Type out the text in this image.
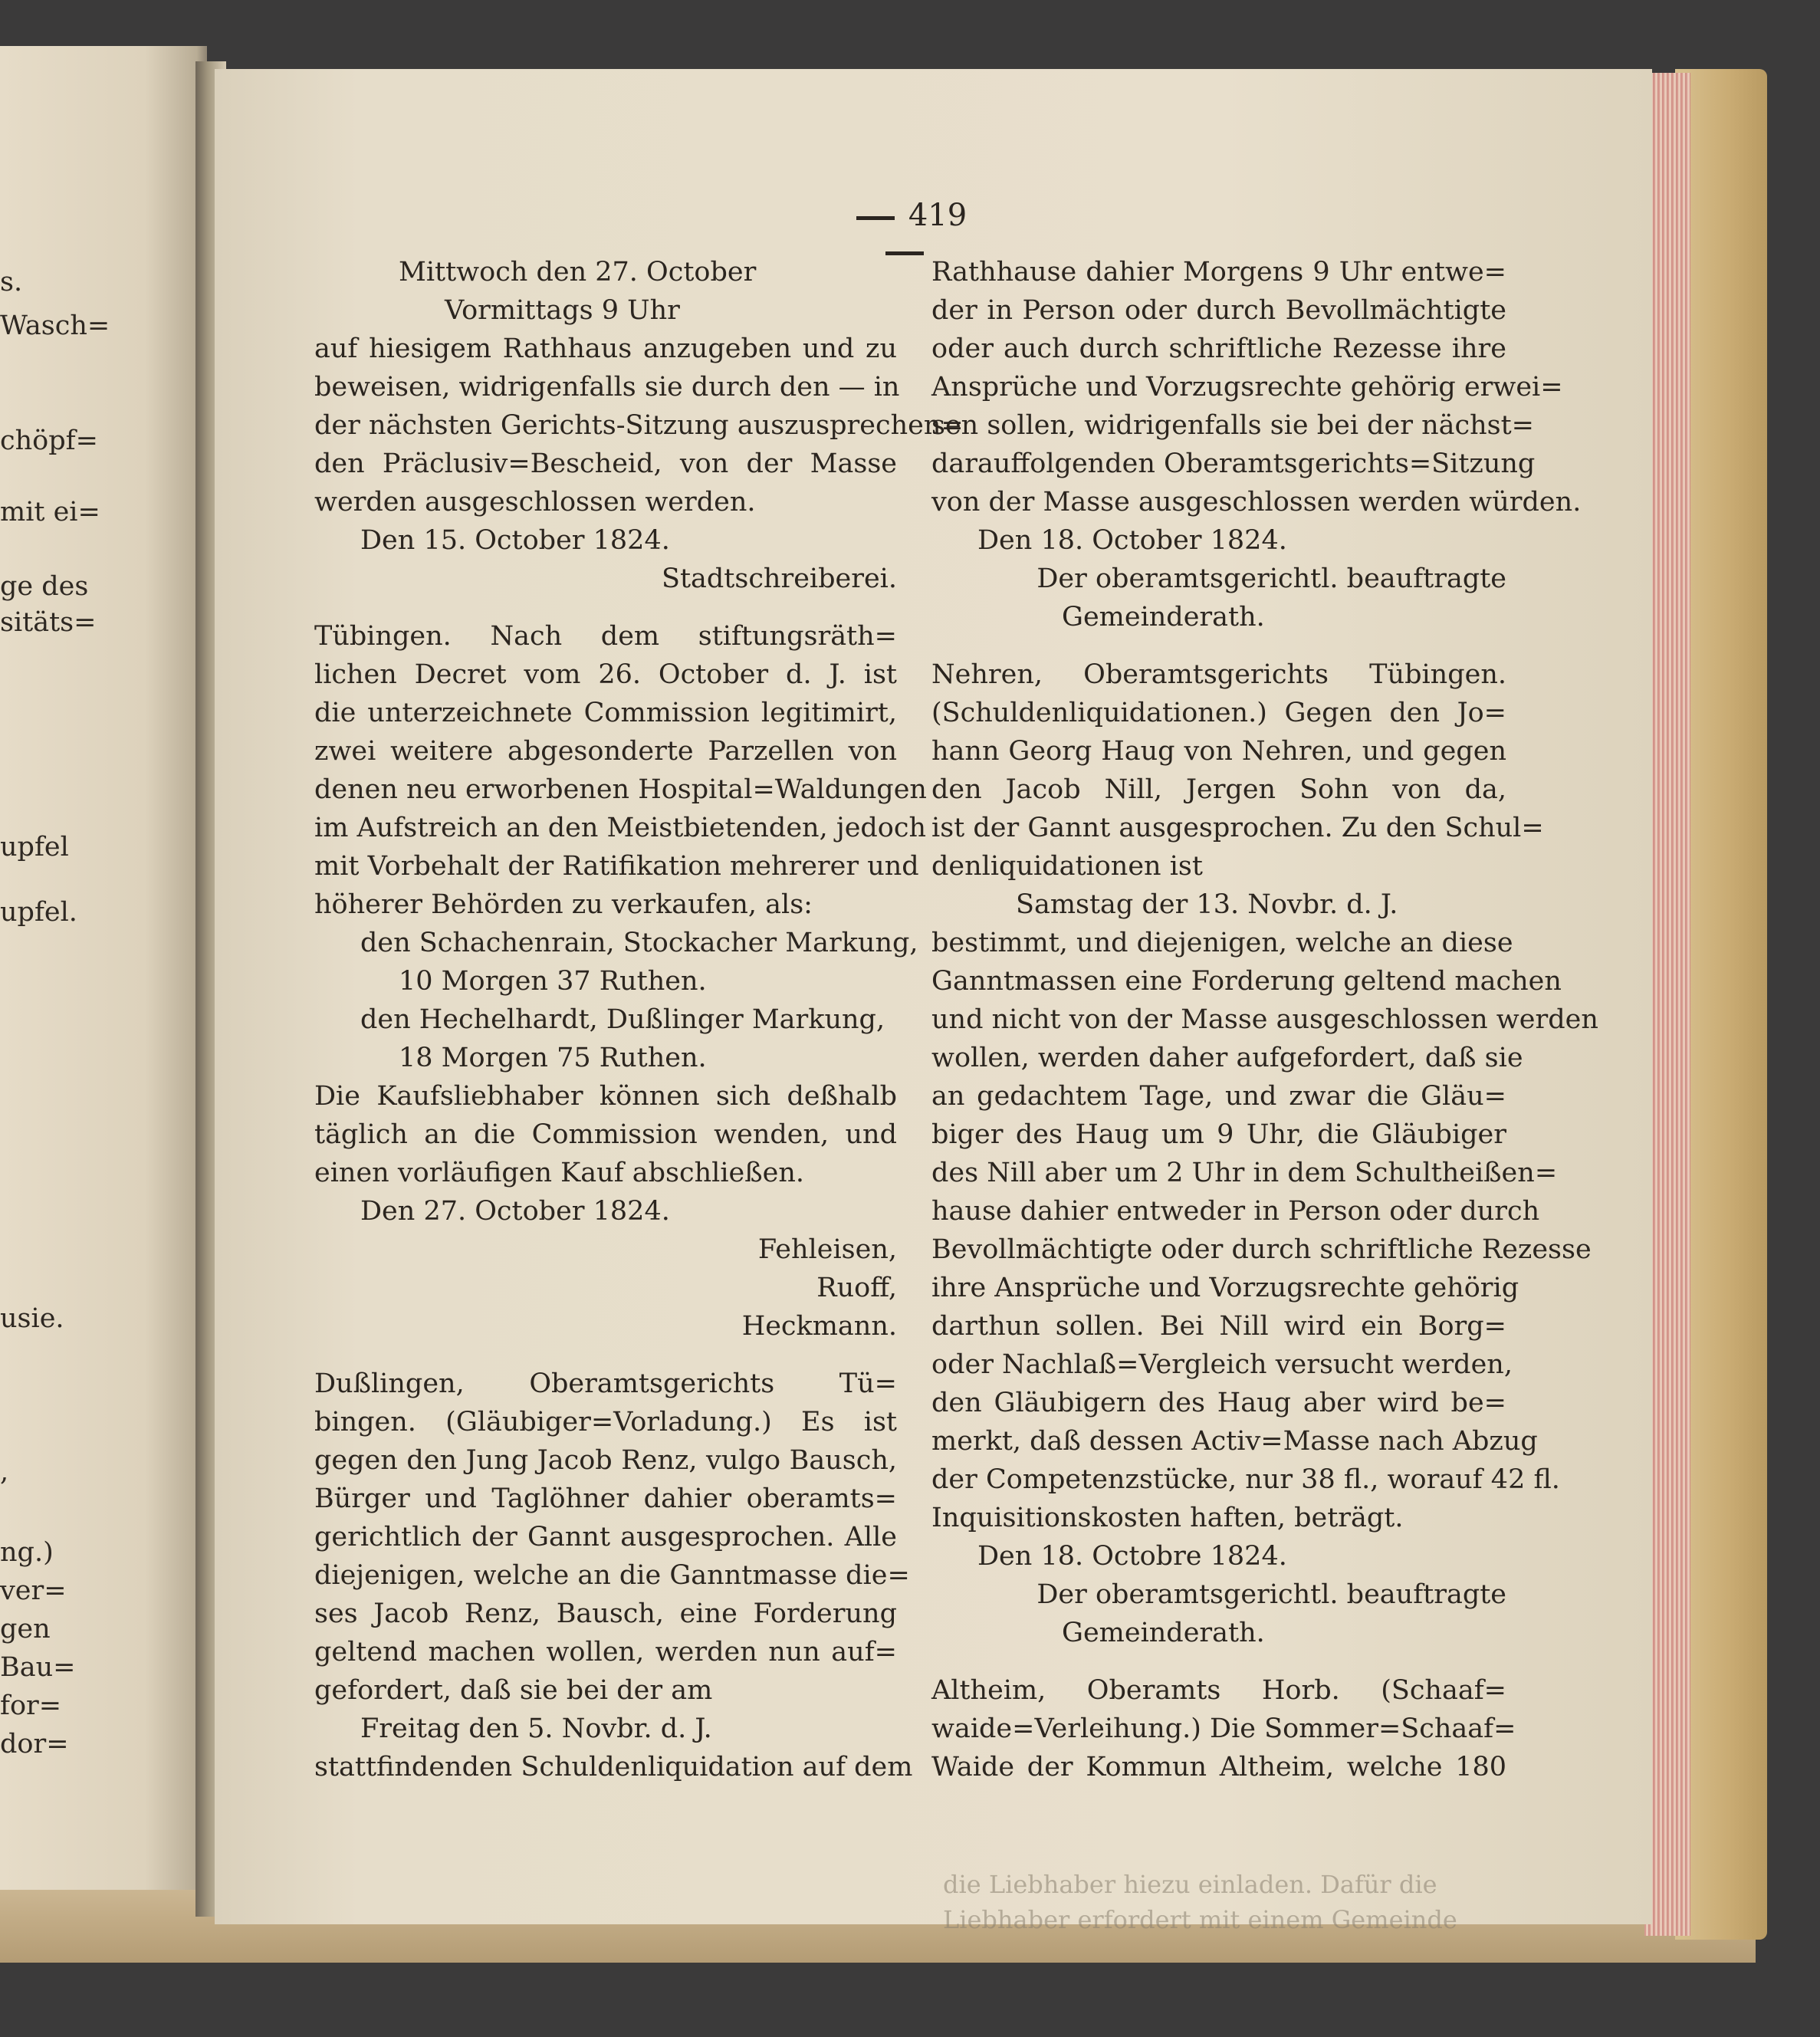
s.
Wasch=
chöpf=
mit ei=
ge des
sitäts=
upfel
upfel.
usie.
,
ng.)
ver=
gen
Bau=
for=
dor=
419
Mittwoch den 27. October
Vormittags 9 Uhr
auf hiesigem Rathhaus anzugeben und zu
beweisen, widrigenfalls sie durch den — in
der nächsten Gerichts-Sitzung auszusprechen=
den Präclusiv=Bescheid, von der Masse
werden ausgeschlossen werden.
Den 15. October 1824.
Stadtschreiberei.
Tübingen. Nach dem stiftungsräth=
lichen Decret vom 26. October d. J. ist
die unterzeichnete Commission legitimirt,
zwei weitere abgesonderte Parzellen von
denen neu erworbenen Hospital=Waldungen
im Aufstreich an den Meistbietenden, jedoch
mit Vorbehalt der Ratifikation mehrerer und
höherer Behörden zu verkaufen, als:
den Schachenrain, Stockacher Markung,
10 Morgen 37 Ruthen.
den Hechelhardt, Dußlinger Markung,
18 Morgen 75 Ruthen.
Die Kaufsliebhaber können sich deßhalb
täglich an die Commission wenden, und
einen vorläufigen Kauf abschließen.
Den 27. October 1824.
Fehleisen,
Ruoff,
Heckmann.
Dußlingen, Oberamtsgerichts Tü=
bingen. (Gläubiger=Vorladung.) Es ist
gegen den Jung Jacob Renz, vulgo Bausch,
Bürger und Taglöhner dahier oberamts=
gerichtlich der Gannt ausgesprochen. Alle
diejenigen, welche an die Ganntmasse die=
ses Jacob Renz, Bausch, eine Forderung
geltend machen wollen, werden nun auf=
gefordert, daß sie bei der am
Freitag den 5. Novbr. d. J.
stattfindenden Schuldenliquidation auf dem
Rathhause dahier Morgens 9 Uhr entwe=
der in Person oder durch Bevollmächtigte
oder auch durch schriftliche Rezesse ihre
Ansprüche und Vorzugsrechte gehörig erwei=
sen sollen, widrigenfalls sie bei der nächst=
darauffolgenden Oberamtsgerichts=Sitzung
von der Masse ausgeschlossen werden würden.
Den 18. October 1824.
Der oberamtsgerichtl. beauftragte
Gemeinderath.
Nehren, Oberamtsgerichts Tübingen.
(Schuldenliquidationen.) Gegen den Jo=
hann Georg Haug von Nehren, und gegen
den Jacob Nill, Jergen Sohn von da,
ist der Gannt ausgesprochen. Zu den Schul=
denliquidationen ist
Samstag der 13. Novbr. d. J.
bestimmt, und diejenigen, welche an diese
Ganntmassen eine Forderung geltend machen
und nicht von der Masse ausgeschlossen werden
wollen, werden daher aufgefordert, daß sie
an gedachtem Tage, und zwar die Gläu=
biger des Haug um 9 Uhr, die Gläubiger
des Nill aber um 2 Uhr in dem Schultheißen=
hause dahier entweder in Person oder durch
Bevollmächtigte oder durch schriftliche Rezesse
ihre Ansprüche und Vorzugsrechte gehörig
darthun sollen. Bei Nill wird ein Borg=
oder Nachlaß=Vergleich versucht werden,
den Gläubigern des Haug aber wird be=
merkt, daß dessen Activ=Masse nach Abzug
der Competenzstücke, nur 38 fl., worauf 42 fl.
Inquisitionskosten haften, beträgt.
Den 18. Octobre 1824.
Der oberamtsgerichtl. beauftragte
Gemeinderath.
Altheim, Oberamts Horb. (Schaaf=
waide=Verleihung.) Die Sommer=Schaaf=
Waide der Kommun Altheim, welche 180
die Liebhaber hiezu einladen. Dafür die
Liebhaber erfordert mit einem Gemeinde
